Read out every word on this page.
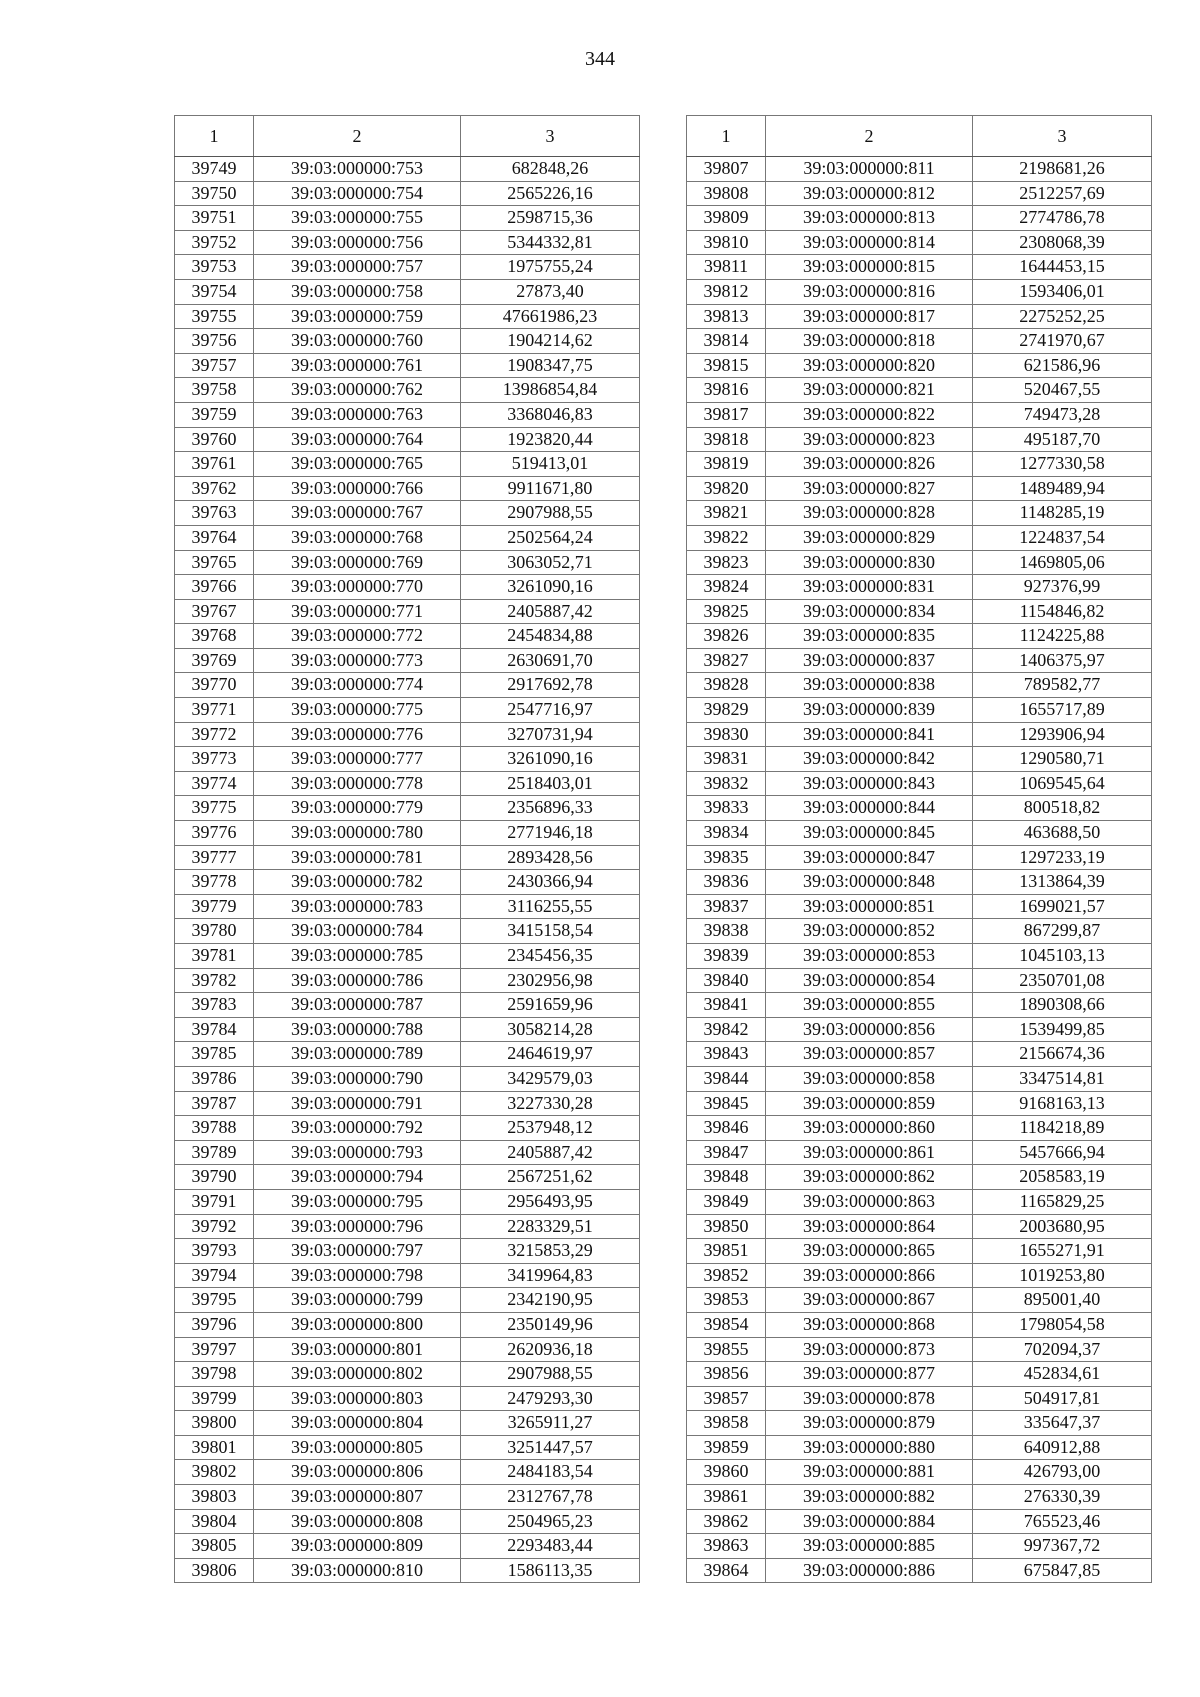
344
1	2	3
39749	39:03:000000:753	682848,26
39750	39:03:000000:754	2565226,16
39751	39:03:000000:755	2598715,36
39752	39:03:000000:756	5344332,81
39753	39:03:000000:757	1975755,24
39754	39:03:000000:758	27873,40
39755	39:03:000000:759	47661986,23
39756	39:03:000000:760	1904214,62
39757	39:03:000000:761	1908347,75
39758	39:03:000000:762	13986854,84
39759	39:03:000000:763	3368046,83
39760	39:03:000000:764	1923820,44
39761	39:03:000000:765	519413,01
39762	39:03:000000:766	9911671,80
39763	39:03:000000:767	2907988,55
39764	39:03:000000:768	2502564,24
39765	39:03:000000:769	3063052,71
39766	39:03:000000:770	3261090,16
39767	39:03:000000:771	2405887,42
39768	39:03:000000:772	2454834,88
39769	39:03:000000:773	2630691,70
39770	39:03:000000:774	2917692,78
39771	39:03:000000:775	2547716,97
39772	39:03:000000:776	3270731,94
39773	39:03:000000:777	3261090,16
39774	39:03:000000:778	2518403,01
39775	39:03:000000:779	2356896,33
39776	39:03:000000:780	2771946,18
39777	39:03:000000:781	2893428,56
39778	39:03:000000:782	2430366,94
39779	39:03:000000:783	3116255,55
39780	39:03:000000:784	3415158,54
39781	39:03:000000:785	2345456,35
39782	39:03:000000:786	2302956,98
39783	39:03:000000:787	2591659,96
39784	39:03:000000:788	3058214,28
39785	39:03:000000:789	2464619,97
39786	39:03:000000:790	3429579,03
39787	39:03:000000:791	3227330,28
39788	39:03:000000:792	2537948,12
39789	39:03:000000:793	2405887,42
39790	39:03:000000:794	2567251,62
39791	39:03:000000:795	2956493,95
39792	39:03:000000:796	2283329,51
39793	39:03:000000:797	3215853,29
39794	39:03:000000:798	3419964,83
39795	39:03:000000:799	2342190,95
39796	39:03:000000:800	2350149,96
39797	39:03:000000:801	2620936,18
39798	39:03:000000:802	2907988,55
39799	39:03:000000:803	2479293,30
39800	39:03:000000:804	3265911,27
39801	39:03:000000:805	3251447,57
39802	39:03:000000:806	2484183,54
39803	39:03:000000:807	2312767,78
39804	39:03:000000:808	2504965,23
39805	39:03:000000:809	2293483,44
39806	39:03:000000:810	1586113,35
1	2	3
39807	39:03:000000:811	2198681,26
39808	39:03:000000:812	2512257,69
39809	39:03:000000:813	2774786,78
39810	39:03:000000:814	2308068,39
39811	39:03:000000:815	1644453,15
39812	39:03:000000:816	1593406,01
39813	39:03:000000:817	2275252,25
39814	39:03:000000:818	2741970,67
39815	39:03:000000:820	621586,96
39816	39:03:000000:821	520467,55
39817	39:03:000000:822	749473,28
39818	39:03:000000:823	495187,70
39819	39:03:000000:826	1277330,58
39820	39:03:000000:827	1489489,94
39821	39:03:000000:828	1148285,19
39822	39:03:000000:829	1224837,54
39823	39:03:000000:830	1469805,06
39824	39:03:000000:831	927376,99
39825	39:03:000000:834	1154846,82
39826	39:03:000000:835	1124225,88
39827	39:03:000000:837	1406375,97
39828	39:03:000000:838	789582,77
39829	39:03:000000:839	1655717,89
39830	39:03:000000:841	1293906,94
39831	39:03:000000:842	1290580,71
39832	39:03:000000:843	1069545,64
39833	39:03:000000:844	800518,82
39834	39:03:000000:845	463688,50
39835	39:03:000000:847	1297233,19
39836	39:03:000000:848	1313864,39
39837	39:03:000000:851	1699021,57
39838	39:03:000000:852	867299,87
39839	39:03:000000:853	1045103,13
39840	39:03:000000:854	2350701,08
39841	39:03:000000:855	1890308,66
39842	39:03:000000:856	1539499,85
39843	39:03:000000:857	2156674,36
39844	39:03:000000:858	3347514,81
39845	39:03:000000:859	9168163,13
39846	39:03:000000:860	1184218,89
39847	39:03:000000:861	5457666,94
39848	39:03:000000:862	2058583,19
39849	39:03:000000:863	1165829,25
39850	39:03:000000:864	2003680,95
39851	39:03:000000:865	1655271,91
39852	39:03:000000:866	1019253,80
39853	39:03:000000:867	895001,40
39854	39:03:000000:868	1798054,58
39855	39:03:000000:873	702094,37
39856	39:03:000000:877	452834,61
39857	39:03:000000:878	504917,81
39858	39:03:000000:879	335647,37
39859	39:03:000000:880	640912,88
39860	39:03:000000:881	426793,00
39861	39:03:000000:882	276330,39
39862	39:03:000000:884	765523,46
39863	39:03:000000:885	997367,72
39864	39:03:000000:886	675847,85
